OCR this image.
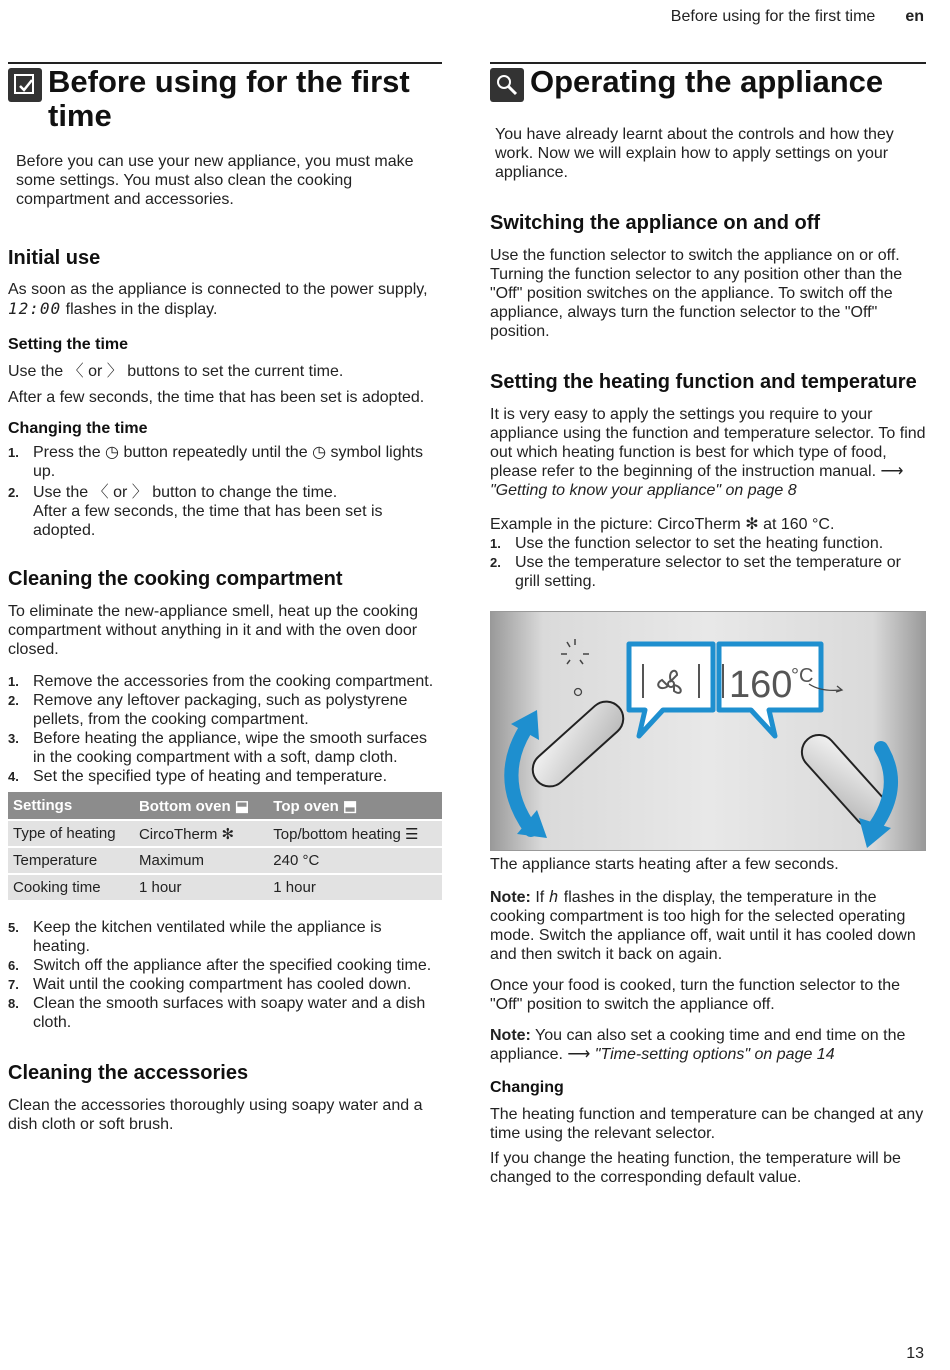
Before using for the first time en
Before using for the first time

Before you can use your new appliance, you must make some settings. You must also clean the cooking compartment and accessories.

Initial use

As soon as the appliance is connected to the power supply, 12:00 flashes in the display.

Setting the time

Use the 〈 or 〉 buttons to set the current time.

After a few seconds, the time that has been set is adopted.

Changing the time
1. Press the ◷ button repeatedly until the ◷ symbol lights up.
2. Use the 〈 or 〉 button to change the time.
After a few seconds, the time that has been set is adopted.
Cleaning the cooking compartment

To eliminate the new-appliance smell, heat up the cooking compartment without anything in it and with the oven door closed.

1. Remove the accessories from the cooking compartment.
2. Remove any leftover packaging, such as polystyrene pellets, from the cooking compartment.
3. Before heating the appliance, wipe the smooth surfaces in the cooking compartment with a soft, damp cloth.
4. Set the specified type of heating and temperature.
Settings	Bottom oven ⬓	Top oven ⬒
Type of heating	CircoTherm ✻	Top/bottom heating ☰
Temperature	Maximum	240 °C
Cooking time	1 hour	1 hour
5. Keep the kitchen ventilated while the appliance is heating.
6. Switch off the appliance after the specified cooking time.
7. Wait until the cooking compartment has cooled down.
8. Clean the smooth surfaces with soapy water and a dish cloth.
Cleaning the accessories

Clean the accessories thoroughly using soapy water and a dish cloth or soft brush.

Operating the appliance

You have already learnt about the controls and how they work. Now we will explain how to apply settings on your appliance.

Switching the appliance on and off

Use the function selector to switch the appliance on or off. Turning the function selector to any position other than the "Off" position switches on the appliance. To switch off the appliance, always turn the function selector to the "Off" position.

Setting the heating function and temperature

It is very easy to apply the settings you require to your appliance using the function and temperature selector. To find out which heating function is best for which type of food, please refer to the beginning of the instruction manual. ⟶ "Getting to know your appliance" on page 8

Example in the picture: CircoTherm ✻ at 160 °C.

1. Use the function selector to set the heating function.
2. Use the temperature selector to set the temperature or grill setting.
160
°C

The appliance starts heating after a few seconds.

Note: If h flashes in the display, the temperature in the cooking compartment is too high for the selected operating mode. Switch the appliance off, wait until it has cooled down and then switch it back on again.

Once your food is cooked, turn the function selector to the "Off" position to switch the appliance off.

Note: You can also set a cooking time and end time on the appliance. ⟶ "Time-setting options" on page 14

Changing

The heating function and temperature can be changed at any time using the relevant selector.

If you change the heating function, the temperature will be changed to the corresponding default value.

13
